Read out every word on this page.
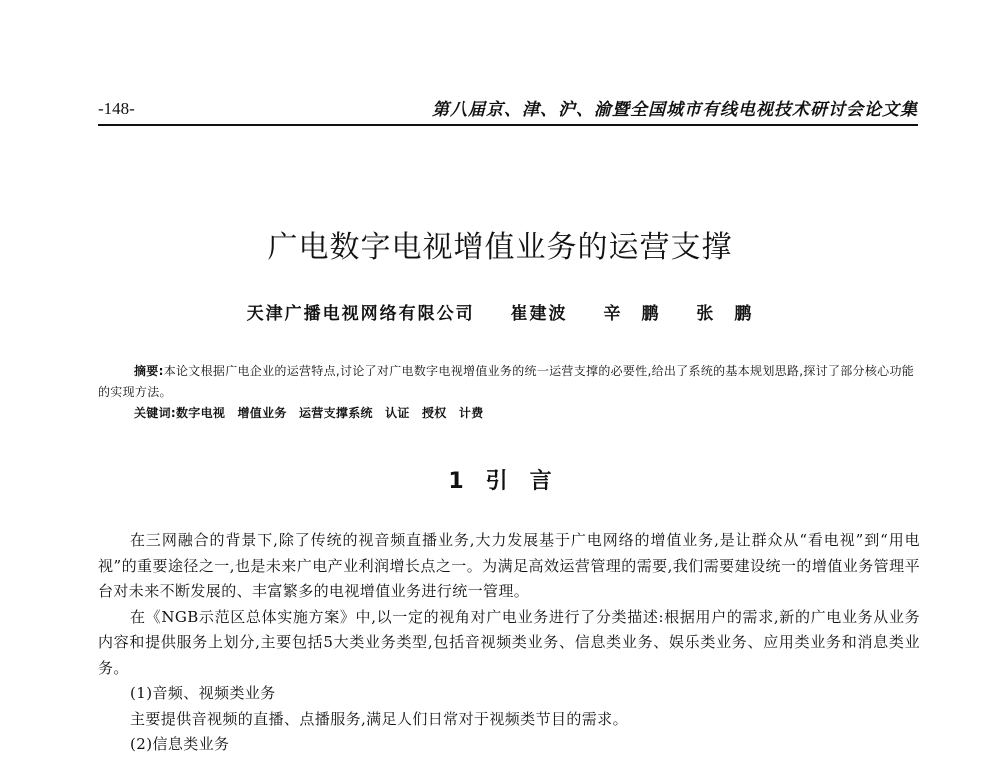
-148-	第八届京、津、沪、渝暨全国城市有线电视技术研讨会论文集
广电数字电视增值业务的运营支撑
天津广播电视网络有限公司 崔建波 辛　鹏 张　鹏

摘要:本论文根据广电企业的运营特点,讨论了对广电数字电视增值业务的统一运营支撑的必要性,给出了系统的基本规划思路,探讨了部分核心功能的实现方法。

关键词:数字电视　增值业务　运营支撑系统　认证　授权　计费

1　引　言

在三网融合的背景下,除了传统的视音频直播业务,大力发展基于广电网络的增值业务,是让群众从“看电视”到“用电视”的重要途径之一,也是未来广电产业利润增长点之一。为满足高效运营管理的需要,我们需要建设统一的增值业务管理平台对未来不断发展的、丰富繁多的电视增值业务进行统一管理。

在《NGB示范区总体实施方案》中,以一定的视角对广电业务进行了分类描述:根据用户的需求,新的广电业务从业务内容和提供服务上划分,主要包括5大类业务类型,包括音视频类业务、信息类业务、娱乐类业务、应用类业务和消息类业务。

(1)音频、视频类业务

主要提供音视频的直播、点播服务,满足人们日常对于视频类节目的需求。

(2)信息类业务
